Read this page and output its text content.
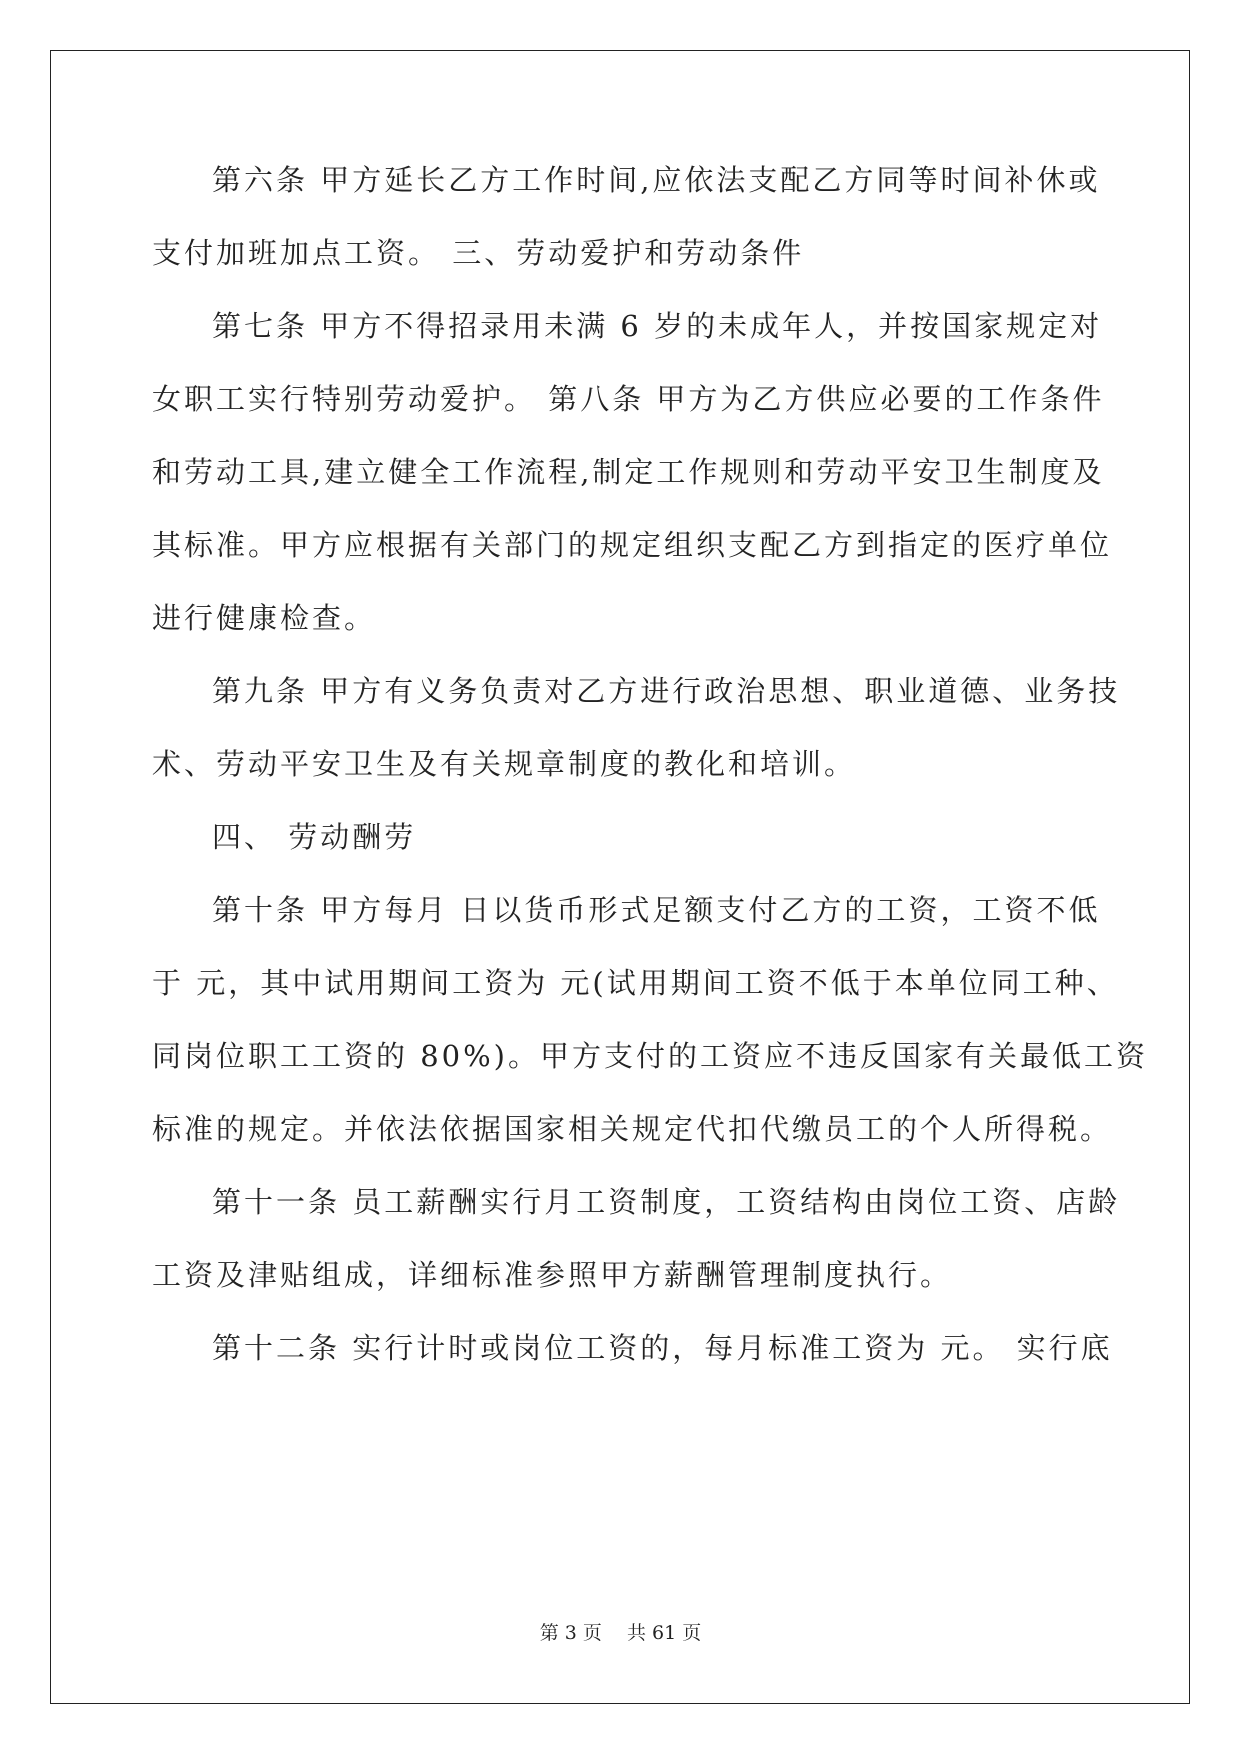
第六条 甲方延长乙方工作时间,应依法支配乙方同等时间补休或
支付加班加点工资。 三、劳动爱护和劳动条件
第七条 甲方不得招录用未满 6 岁的未成年人，并按国家规定对
女职工实行特别劳动爱护。 第八条 甲方为乙方供应必要的工作条件
和劳动工具,建立健全工作流程,制定工作规则和劳动平安卫生制度及
其标准。甲方应根据有关部门的规定组织支配乙方到指定的医疗单位
进行健康检查。
第九条 甲方有义务负责对乙方进行政治思想、职业道德、业务技
术、劳动平安卫生及有关规章制度的教化和培训。
四、 劳动酬劳
第十条 甲方每月 日以货币形式足额支付乙方的工资，工资不低
于 元，其中试用期间工资为 元(试用期间工资不低于本单位同工种、
同岗位职工工资的 80%)。甲方支付的工资应不违反国家有关最低工资
标准的规定。并依法依据国家相关规定代扣代缴员工的个人所得税。
第十一条 员工薪酬实行月工资制度，工资结构由岗位工资、店龄
工资及津贴组成，详细标准参照甲方薪酬管理制度执行。
第十二条 实行计时或岗位工资的，每月标准工资为 元。 实行底
第 3 页　 共 61 页
